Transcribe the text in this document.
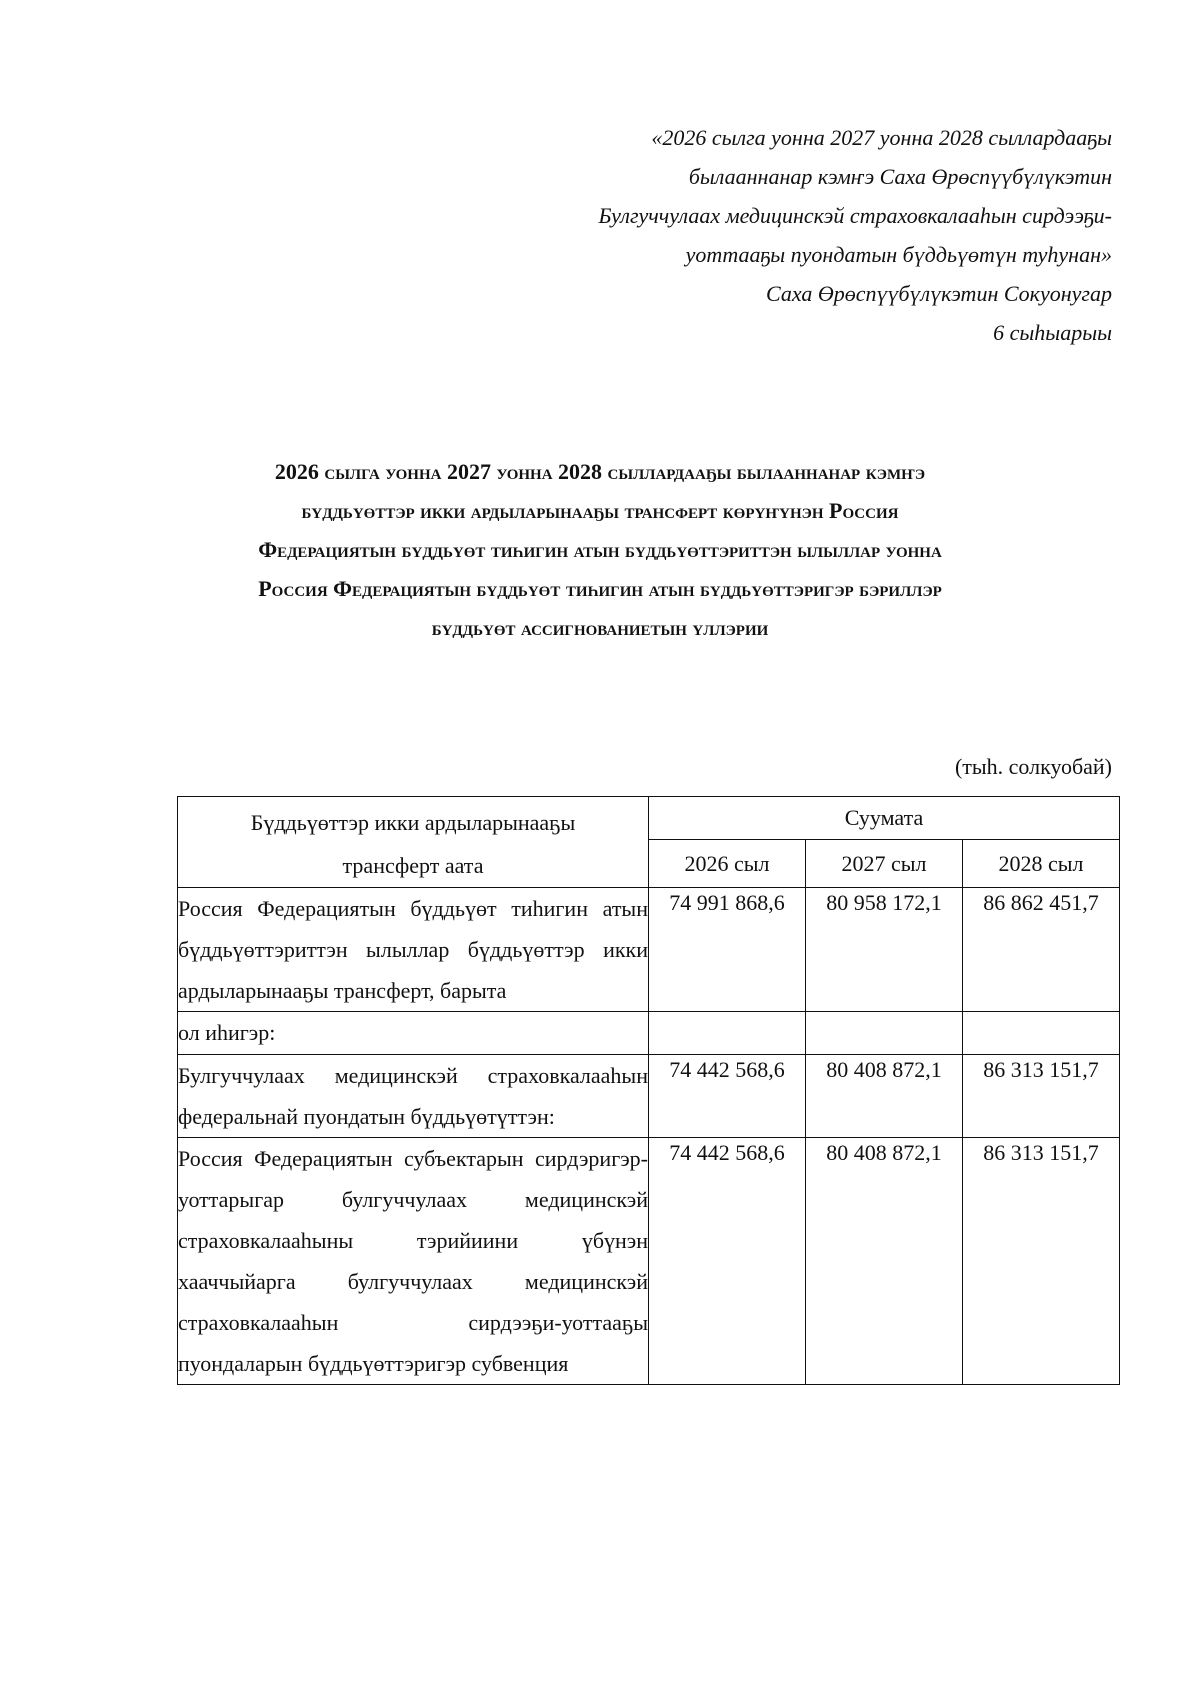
«2026 сылга уонна 2027 уонна 2028 сыллардааҕы
былааннанар кэмҥэ Саха Өрөспүүбүлүкэтин
Булгуччулаах медицинскэй страховкалааһын сирдээҕи-
уоттааҕы пуондатын бүддьүөтүн туһунан»
Саха Өрөспүүбүлүкэтин Сокуонугар
6 сыһыарыы
2026 сылга уонна 2027 уонна 2028 сыллардааҕы былааннанар кэмҥэ
бүддьүөттэр икки ардыларынааҕы трансферт көрүҥүнэн Россия
Федерациятын бүддьүөт тиһигин атын бүддьүөттэриттэн ылыллар уонна
Россия Федерациятын бүддьүөт тиһигин атын бүддьүөттэригэр бэриллэр
бүддьүөт ассигнованиетын үллэрии
(тыһ. солкуобай)
Бүддьүөттэр икки ардыларынааҕы
трансферт аата	Суумата		
	2026 сыл	2027 сыл	2028 сыл
Россия Федерациятын бүддьүөт тиһигин атын бүддьүөттэриттэн ылыллар бүддьүөттэр икки ардыларынааҕы трансферт, барыта	74 991 868,6	80 958 172,1	86 862 451,7
ол иһигэр:			
Булгуччулаах медицинскэй страховкалааһын федеральнай пуондатын бүддьүөтүттэн:	74 442 568,6	80 408 872,1	86 313 151,7
Россия Федерациятын субъектарын сирдэригэр-уоттарыгар булгуччулаах медицинскэй страховкалааһыны тэрийиини үбүнэн хааччыйарга булгуччулаах медицинскэй страховкалааһын сирдээҕи-уоттааҕы пуондаларын бүддьүөттэригэр субвенция	74 442 568,6	80 408 872,1	86 313 151,7
